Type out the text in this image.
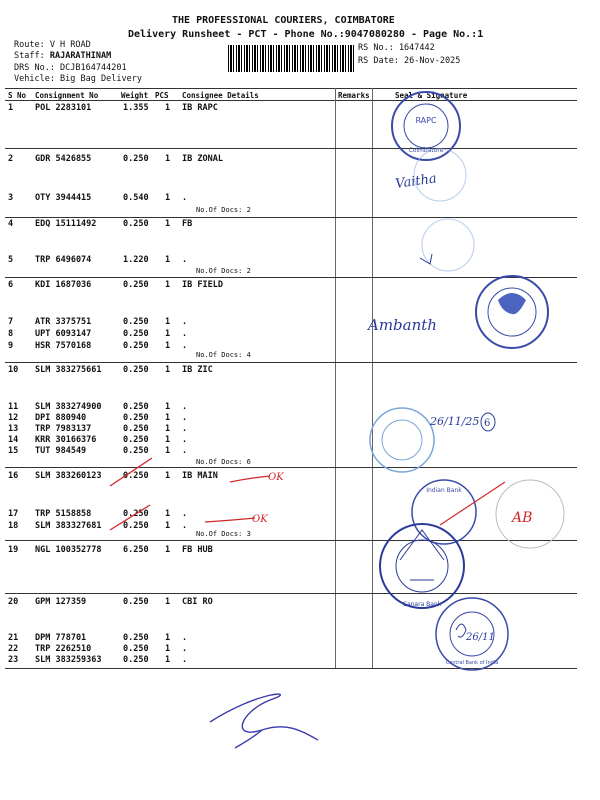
THE PROFESSIONAL COURIERS, COIMBATORE
Delivery Runsheet - PCT - Phone No.:9047080280 - Page No.:1
Route: V H ROAD
Staff: RAJARATHINAM
DRS No.: DCJB164744201
Vehicle: Big Bag Delivery
RS No.: 1647442
RS Date: 26-Nov-2025
S No Consignment No	Weight PCS Consignee Details	Remarks	Seal & Signature
1	POL 2283101	1.355 1 IB RAPC
2	GDR 5426855	0.250 1 IB ZONAL
3	OTY 3944415	0.540 1 .
4	EDQ 15111492	0.250 1 FB
5	TRP 6496074	1.220 1 .
6	KDI 1687036	0.250 1 IB FIELD
7	ATR 3375751	0.250 1 .
8	UPT 6093147	0.250 1 .
9	HSR 7570168	0.250 1 .
10 SLM 383275661	0.250 1 IB ZIC
11 SLM 383274900	0.250 1 .
12 DPI 880940	0.250 1 .
13 TRP 7983137	0.250 1 .
14 KRR 30166376	0.250 1 .
15 TUT 984549	0.250 1 .
16 SLM 383260123	0.250 1 IB MAIN
17 TRP 5158858	0.250 1 .
18 SLM 383327681	0.250 1 .
19 NGL 100352778	6.250 1 FB HUB
20 GPM 127359	0.250 1 CBI RO
21 DPM 778701	0.250 1 .
22 TRP 2262510	0.250 1 .
23 SLM 383259363	0.250 1 .
No.Of Docs: 2
No.Of Docs: 2
No.Of Docs: 4
No.Of Docs: 6
No.Of Docs: 3
RAPC
Coimbatore
Vaitha
Ambanth
26/11/25 6
OK
OK
Indian Bank
AB
Canara Bank
Central Bank of India
26/11
